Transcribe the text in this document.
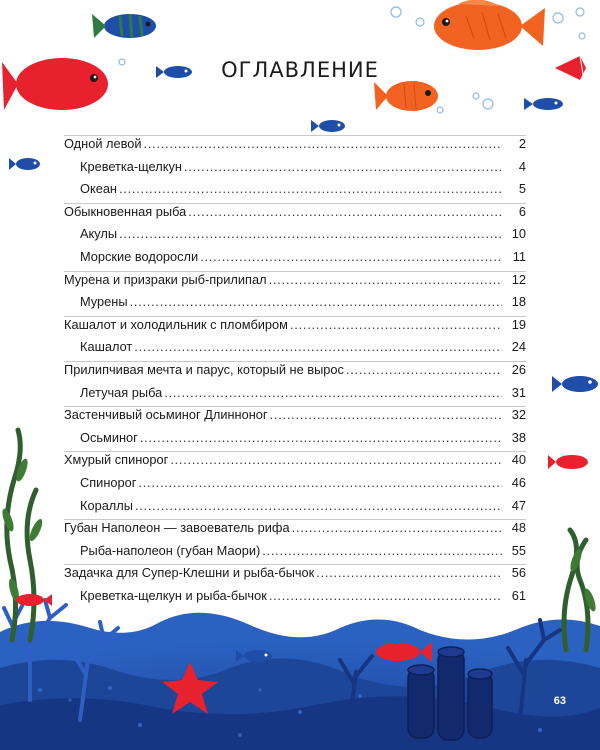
ОГЛАВЛЕНИЕ
Одной левой . . .	2
Креветка-щелкун . . .	4
Океан . . .	5
Обыкновенная рыба . . .	6
Акулы . . .	10
Морские водоросли . . .	11
Мурена и призраки рыб-прилипал . . .	12
Мурены . . .	18
Кашалот и холодильник с пломбиром . . .	19
Кашалот . . .	24
Прилипчивая мечта и парус, который не вырос . . .	26
Летучая рыба . . .	31
Застенчивый осьминог Длинноног . . .	32
Осьминог . . .	38
Хмурый спинорог . . .	40
Спинорог . . .	46
Кораллы . . .	47
Губан Наполеон — завоеватель рифа . . .	48
Рыба-наполеон (губан Маори) . . .	55
Задачка для Супер-Клешни и рыба-бычок . . .	56
Креветка-щелкун и рыба-бычок . . .	61
63
